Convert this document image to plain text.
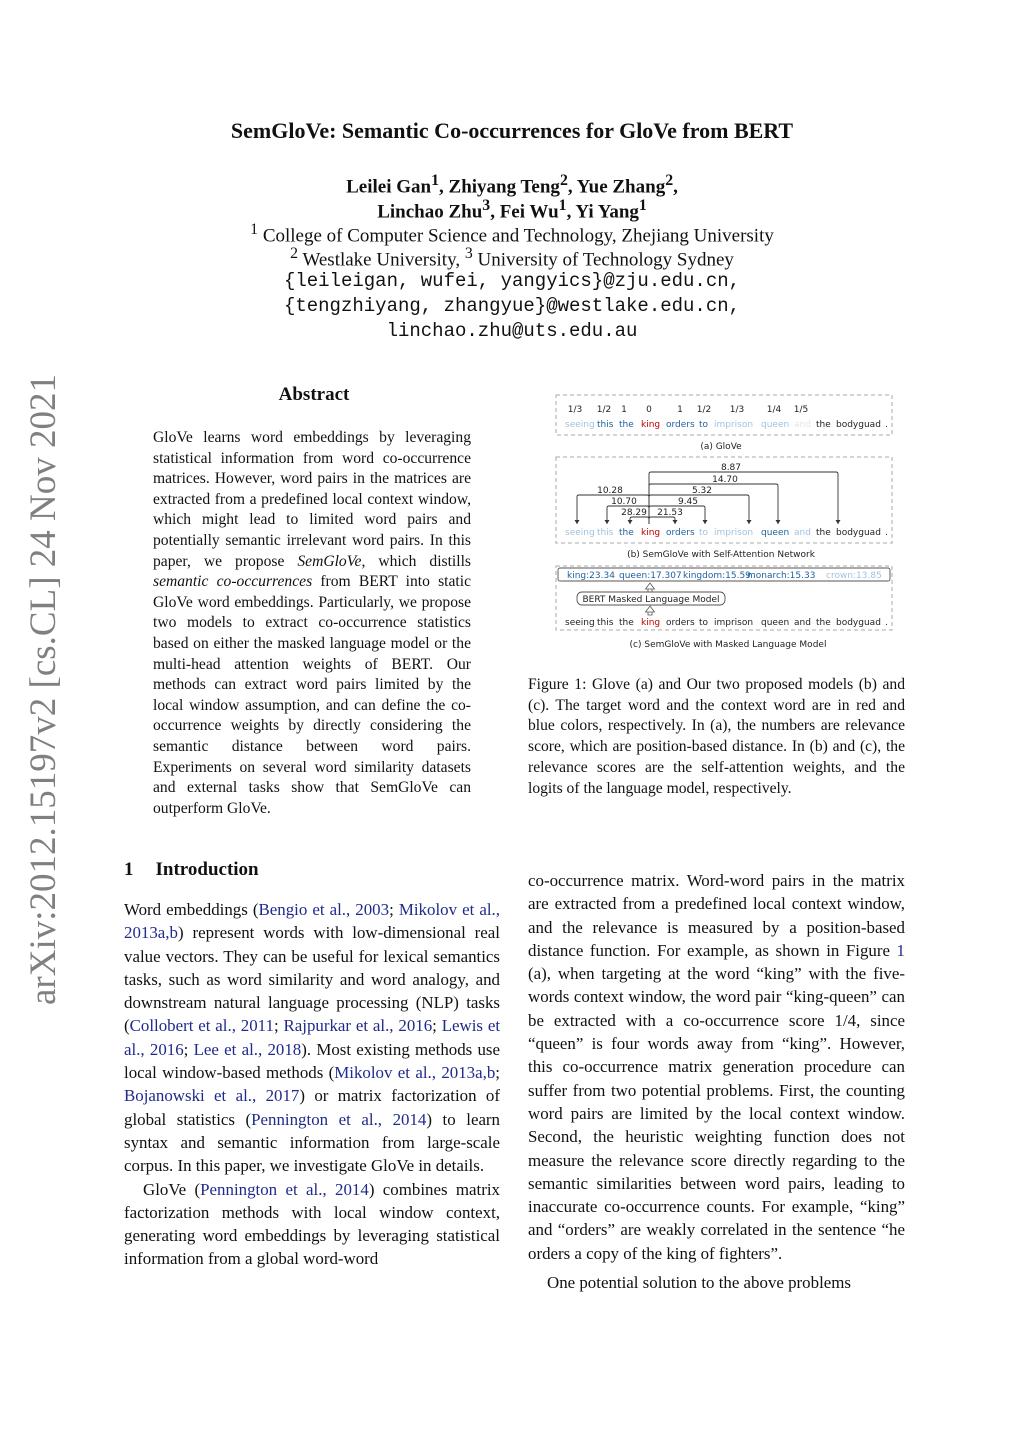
arXiv:2012.15197v2 [cs.CL] 24 Nov 2021
SemGloVe: Semantic Co-occurrences for GloVe from BERT
Leilei Gan$^1$, Zhiyang Teng$^2$, Yue Zhang$^2$,
Linchao Zhu$^3$, Fei Wu$^1$, Yi Yang$^1$
$^1$ College of Computer Science and Technology, Zhejiang University
$^2$ Westlake University, $^3$ University of Technology Sydney
{leileigan, wufei, yangyics}@zju.edu.cn,
{tengzhiyang, zhangyue}@westlake.edu.cn,
linchao.zhu@uts.edu.au
Abstract
GloVe learns word embeddings by leveraging statistical information from word co-occurrence matrices. However, word pairs in the matrices are extracted from a predefined local context window, which might lead to limited word pairs and potentially semantic irrelevant word pairs. In this paper, we propose SemGloVe, which distills semantic co-occurrences from BERT into static GloVe word embeddings. Particularly, we propose two models to extract co-occurrence statistics based on either the masked language model or the multi-head attention weights of BERT. Our methods can extract word pairs limited by the local window assumption, and can define the co-occurrence weights by directly considering the semantic distance between word pairs. Experiments on several word similarity datasets and external tasks show that SemGloVe can outperform GloVe.
1/3 1/2 1 0	1 1/2 1/3	1/4 1/5
seeing this the king orders to imprison queen and the bodyguad .
(a) GloVe
8.87
14.70
10.28	5.32
10.70	9.45
28.29 21.53
seeing this the king orders to imprison queen and the bodyguad .
(b) SemGloVe with Self-Attention Network
king:23.34 queen:17.307 kingdom:15.59
monarch:15.33 crown:13.85
BERT Masked Language Model
seeing this the king orders to imprison queen and the bodyguad .
(c) SemGloVe with Masked Language Model
Figure 1: Glove (a) and Our two proposed models (b) and (c). The target word and the context word are in red and blue colors, respectively. In (a), the numbers are relevance score, which are position-based distance. In (b) and (c), the relevance scores are the self-attention weights, and the logits of the language model, respectively.
1 Introduction

Word embeddings (Bengio et al., 2003; Mikolov et al., 2013a,b) represent words with low-dimensional real value vectors. They can be useful for lexical semantics tasks, such as word similarity and word analogy, and downstream natural language processing (NLP) tasks (Collobert et al., 2011; Rajpurkar et al., 2016; Lewis et al., 2016; Lee et al., 2018). Most existing methods use local window-based methods (Mikolov et al., 2013a,b; Bojanowski et al., 2017) or matrix factorization of global statistics (Pennington et al., 2014) to learn syntax and semantic information from large-scale corpus. In this paper, we investigate GloVe in details.

GloVe (Pennington et al., 2014) combines matrix factorization methods with local window context, generating word embeddings by leveraging statistical information from a global word-word

co-occurrence matrix. Word-word pairs in the matrix are extracted from a predefined local context window, and the relevance is measured by a position-based distance function. For example, as shown in Figure 1 (a), when targeting at the word “king” with the five-words context window, the word pair “king-queen” can be extracted with a co-occurrence score 1/4, since “queen” is four words away from “king”. However, this co-occurrence matrix generation procedure can suffer from two potential problems. First, the counting word pairs are limited by the local context window. Second, the heuristic weighting function does not measure the relevance score directly regarding to the semantic similarities between word pairs, leading to inaccurate co-occurrence counts. For example, “king” and “orders” are weakly correlated in the sentence “he orders a copy of the king of fighters”.

One potential solution to the above problems
